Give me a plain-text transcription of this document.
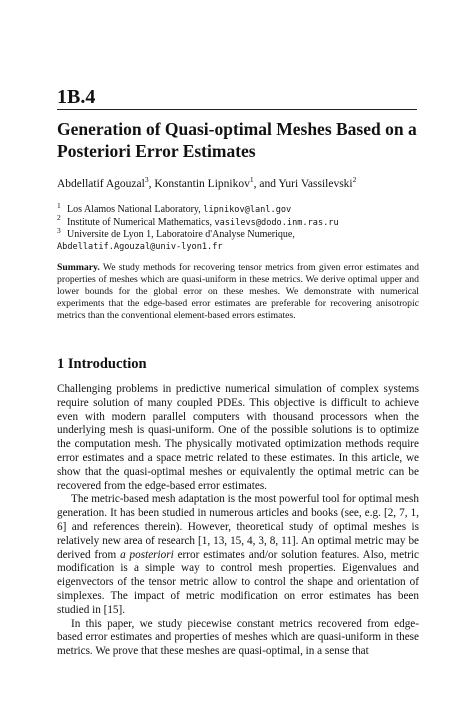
1B.4
Generation of Quasi-optimal Meshes Based on a Posteriori Error Estimates
Abdellatif Agouzal$^3$, Konstantin Lipnikov$^1$, and Yuri Vassilevski$^2$
$^1$ Los Alamos National Laboratory, lipnikov@lanl.gov
$^2$ Institute of Numerical Mathematics, vasilevs@dodo.inm.ras.ru
$^3$ Universite de Lyon 1, Laboratoire d'Analyse Numerique,
Abdellatif.Agouzal@univ-lyon1.fr
Summary. We study methods for recovering tensor metrics from given error estimates and properties of meshes which are quasi-uniform in these metrics. We derive optimal upper and lower bounds for the global error on these meshes. We demonstrate with numerical experiments that the edge-based error estimates are preferable for recovering anisotropic metrics than the conventional element-based errors estimates.
1 Introduction

Challenging problems in predictive numerical simulation of complex systems require solution of many coupled PDEs. This objective is difficult to achieve even with modern parallel computers with thousand processors when the underlying mesh is quasi-uniform. One of the possible solutions is to optimize the computation mesh. The physically motivated optimization methods require error estimates and a space metric related to these estimates. In this article, we show that the quasi-optimal meshes or equivalently the optimal metric can be recovered from the edge-based error estimates.

The metric-based mesh adaptation is the most powerful tool for optimal mesh generation. It has been studied in numerous articles and books (see, e.g. [2, 7, 1, 6] and references therein). However, theoretical study of optimal meshes is relatively new area of research [1, 13, 15, 4, 3, 8, 11]. An optimal metric may be derived from a posteriori error estimates and/or solution features. Also, metric modification is a simple way to control mesh properties. Eigenvalues and eigenvectors of the tensor metric allow to control the shape and orientation of simplexes. The impact of metric modification on error estimates has been studied in [15].

In this paper, we study piecewise constant metrics recovered from edge-based error estimates and properties of meshes which are quasi-uniform in these metrics. We prove that these meshes are quasi-optimal, in a sense that
